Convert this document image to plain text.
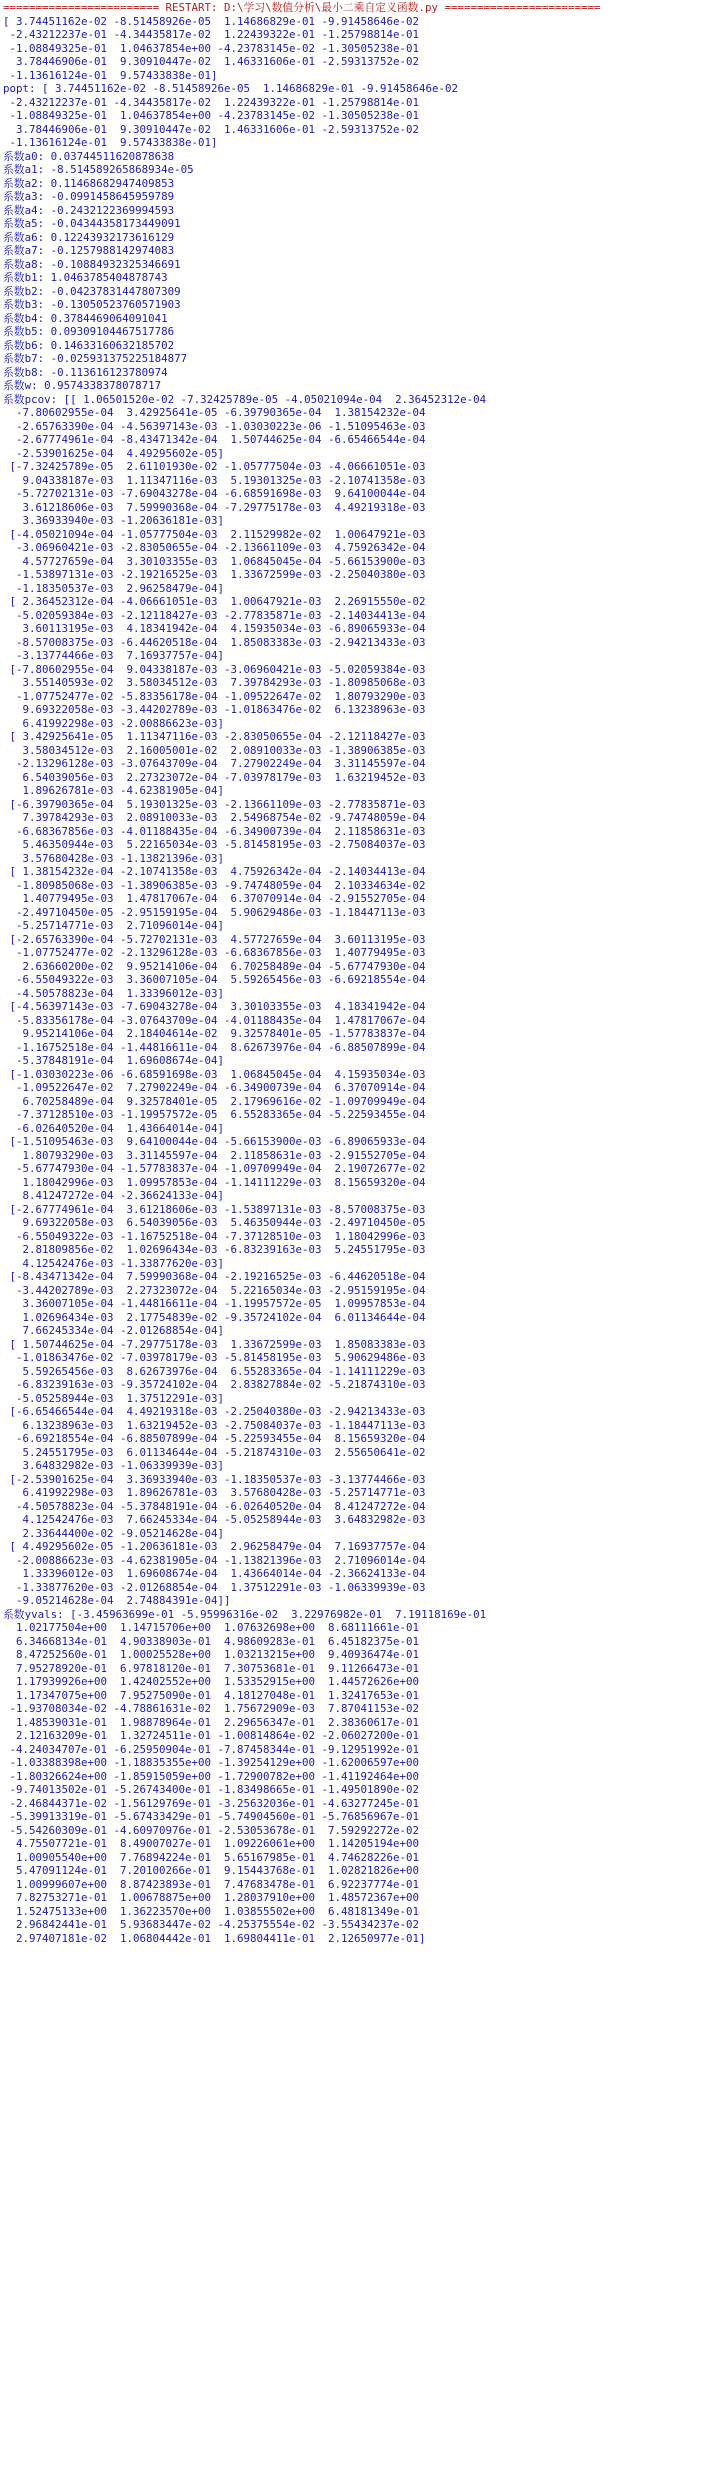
======================== RESTART: D:\学习\数值分析\最小二乘自定义函数.py ========================
[ 3.74451162e-02 -8.51458926e-05  1.14686829e-01 -9.91458646e-02
-2.43212237e-01 -4.34435817e-02  1.22439322e-01 -1.25798814e-01
-1.08849325e-01  1.04637854e+00 -4.23783145e-02 -1.30505238e-01
3.78446906e-01  9.30910447e-02  1.46331606e-01 -2.59313752e-02
-1.13616124e-01  9.57433838e-01]
popt: [ 3.74451162e-02 -8.51458926e-05  1.14686829e-01 -9.91458646e-02
-2.43212237e-01 -4.34435817e-02  1.22439322e-01 -1.25798814e-01
-1.08849325e-01  1.04637854e+00 -4.23783145e-02 -1.30505238e-01
3.78446906e-01  9.30910447e-02  1.46331606e-01 -2.59313752e-02
-1.13616124e-01  9.57433838e-01]
系数a0: 0.03744511620878638
系数a1: -8.514589265868934e-05
系数a2: 0.11468682947409853
系数a3: -0.0991458645959789
系数a4: -0.2432122369994593
系数a5: -0.04344358173449091
系数a6: 0.12243932173616129
系数a7: -0.1257988142974083
系数a8: -0.10884932325346691
系数b1: 1.0463785404878743
系数b2: -0.04237831447807309
系数b3: -0.13050523760571903
系数b4: 0.3784469064091041
系数b5: 0.09309104467517786
系数b6: 0.14633160632185702
系数b7: -0.025931375225184877
系数b8: -0.113616123780974
系数w: 0.9574338378078717
系数pcov: [[ 1.06501520e-02 -7.32425789e-05 -4.05021094e-04  2.36452312e-04
-7.80602955e-04  3.42925641e-05 -6.39790365e-04  1.38154232e-04
-2.65763390e-04 -4.56397143e-03 -1.03030223e-06 -1.51095463e-03
-2.67774961e-04 -8.43471342e-04  1.50744625e-04 -6.65466544e-04
-2.53901625e-04  4.49295602e-05]
[-7.32425789e-05  2.61101930e-02 -1.05777504e-03 -4.06661051e-03
9.04338187e-03  1.11347116e-03  5.19301325e-03 -2.10741358e-03
-5.72702131e-03 -7.69043278e-04 -6.68591698e-03  9.64100044e-04
3.61218606e-03  7.59990368e-04 -7.29775178e-03  4.49219318e-03
3.36933940e-03 -1.20636181e-03]
[-4.05021094e-04 -1.05777504e-03  2.11529982e-02  1.00647921e-03
-3.06960421e-03 -2.83050655e-04 -2.13661109e-03  4.75926342e-04
4.57727659e-04  3.30103355e-03  1.06845045e-04 -5.66153900e-03
-1.53897131e-03 -2.19216525e-03  1.33672599e-03 -2.25040380e-03
-1.18350537e-03  2.96258479e-04]
[ 2.36452312e-04 -4.06661051e-03  1.00647921e-03  2.26915550e-02
-5.02059384e-03 -2.12118427e-03 -2.77835871e-03 -2.14034413e-04
3.60113195e-03  4.18341942e-04  4.15935034e-03 -6.89065933e-04
-8.57008375e-03 -6.44620518e-04  1.85083383e-03 -2.94213433e-03
-3.13774466e-03  7.16937757e-04]
[-7.80602955e-04  9.04338187e-03 -3.06960421e-03 -5.02059384e-03
3.55140593e-02  3.58034512e-03  7.39784293e-03 -1.80985068e-03
-1.07752477e-02 -5.83356178e-04 -1.09522647e-02  1.80793290e-03
9.69322058e-03 -3.44202789e-03 -1.01863476e-02  6.13238963e-03
6.41992298e-03 -2.00886623e-03]
[ 3.42925641e-05  1.11347116e-03 -2.83050655e-04 -2.12118427e-03
3.58034512e-03  2.16005001e-02  2.08910033e-03 -1.38906385e-03
-2.13296128e-03 -3.07643709e-04  7.27902249e-04  3.31145597e-04
6.54039056e-03  2.27323072e-04 -7.03978179e-03  1.63219452e-03
1.89626781e-03 -4.62381905e-04]
[-6.39790365e-04  5.19301325e-03 -2.13661109e-03 -2.77835871e-03
7.39784293e-03  2.08910033e-03  2.54968754e-02 -9.74748059e-04
-6.68367856e-03 -4.01188435e-04 -6.34900739e-04  2.11858631e-03
5.46350944e-03  5.22165034e-03 -5.81458195e-03 -2.75084037e-03
3.57680428e-03 -1.13821396e-03]
[ 1.38154232e-04 -2.10741358e-03  4.75926342e-04 -2.14034413e-04
-1.80985068e-03 -1.38906385e-03 -9.74748059e-04  2.10334634e-02
1.40779495e-03  1.47817067e-04  6.37070914e-04 -2.91552705e-04
-2.49710450e-05 -2.95159195e-04  5.90629486e-03 -1.18447113e-03
-5.25714771e-03  2.71096014e-04]
[-2.65763390e-04 -5.72702131e-03  4.57727659e-04  3.60113195e-03
-1.07752477e-02 -2.13296128e-03 -6.68367856e-03  1.40779495e-03
2.63660200e-02  9.95214106e-04  6.70258489e-04 -5.67747930e-04
-6.55049322e-03  3.36007105e-04  5.59265456e-03 -6.69218554e-04
-4.50578823e-04  1.33396012e-03]
[-4.56397143e-03 -7.69043278e-04  3.30103355e-03  4.18341942e-04
-5.83356178e-04 -3.07643709e-04 -4.01188435e-04  1.47817067e-04
9.95214106e-04  2.18404614e-02  9.32578401e-05 -1.57783837e-04
-1.16752518e-04 -1.44816611e-04  8.62673976e-04 -6.88507899e-04
-5.37848191e-04  1.69608674e-04]
[-1.03030223e-06 -6.68591698e-03  1.06845045e-04  4.15935034e-03
-1.09522647e-02  7.27902249e-04 -6.34900739e-04  6.37070914e-04
6.70258489e-04  9.32578401e-05  2.17969616e-02 -1.09709949e-04
-7.37128510e-03 -1.19957572e-05  6.55283365e-04 -5.22593455e-04
-6.02640520e-04  1.43664014e-04]
[-1.51095463e-03  9.64100044e-04 -5.66153900e-03 -6.89065933e-04
1.80793290e-03  3.31145597e-04  2.11858631e-03 -2.91552705e-04
-5.67747930e-04 -1.57783837e-04 -1.09709949e-04  2.19072677e-02
1.18042996e-03  1.09957853e-04 -1.14111229e-03  8.15659320e-04
8.41247272e-04 -2.36624133e-04]
[-2.67774961e-04  3.61218606e-03 -1.53897131e-03 -8.57008375e-03
9.69322058e-03  6.54039056e-03  5.46350944e-03 -2.49710450e-05
-6.55049322e-03 -1.16752518e-04 -7.37128510e-03  1.18042996e-03
2.81809856e-02  1.02696434e-03 -6.83239163e-03  5.24551795e-03
4.12542476e-03 -1.33877620e-03]
[-8.43471342e-04  7.59990368e-04 -2.19216525e-03 -6.44620518e-04
-3.44202789e-03  2.27323072e-04  5.22165034e-03 -2.95159195e-04
3.36007105e-04 -1.44816611e-04 -1.19957572e-05  1.09957853e-04
1.02696434e-03  2.17754839e-02 -9.35724102e-04  6.01134644e-04
7.66245334e-04 -2.01268854e-04]
[ 1.50744625e-04 -7.29775178e-03  1.33672599e-03  1.85083383e-03
-1.01863476e-02 -7.03978179e-03 -5.81458195e-03  5.90629486e-03
5.59265456e-03  8.62673976e-04  6.55283365e-04 -1.14111229e-03
-6.83239163e-03 -9.35724102e-04  2.83827884e-02 -5.21874310e-03
-5.05258944e-03  1.37512291e-03]
[-6.65466544e-04  4.49219318e-03 -2.25040380e-03 -2.94213433e-03
6.13238963e-03  1.63219452e-03 -2.75084037e-03 -1.18447113e-03
-6.69218554e-04 -6.88507899e-04 -5.22593455e-04  8.15659320e-04
5.24551795e-03  6.01134644e-04 -5.21874310e-03  2.55650641e-02
3.64832982e-03 -1.06339939e-03]
[-2.53901625e-04  3.36933940e-03 -1.18350537e-03 -3.13774466e-03
6.41992298e-03  1.89626781e-03  3.57680428e-03 -5.25714771e-03
-4.50578823e-04 -5.37848191e-04 -6.02640520e-04  8.41247272e-04
4.12542476e-03  7.66245334e-04 -5.05258944e-03  3.64832982e-03
2.33644400e-02 -9.05214628e-04]
[ 4.49295602e-05 -1.20636181e-03  2.96258479e-04  7.16937757e-04
-2.00886623e-03 -4.62381905e-04 -1.13821396e-03  2.71096014e-04
1.33396012e-03  1.69608674e-04  1.43664014e-04 -2.36624133e-04
-1.33877620e-03 -2.01268854e-04  1.37512291e-03 -1.06339939e-03
-9.05214628e-04  2.74884391e-04]]
系数yvals: [-3.45963699e-01 -5.95996316e-02  3.22976982e-01  7.19118169e-01
1.02177504e+00  1.14715706e+00  1.07632698e+00  8.68111661e-01
6.34668134e-01  4.90338903e-01  4.98609283e-01  6.45182375e-01
8.47252560e-01  1.00025528e+00  1.03213215e+00  9.40936474e-01
7.95278920e-01  6.97818120e-01  7.30753681e-01  9.11266473e-01
1.17939926e+00  1.42402552e+00  1.53352915e+00  1.44572626e+00
1.17347075e+00  7.95275090e-01  4.18127048e-01  1.32417653e-01
-1.93708034e-02 -4.78861631e-02  1.75672909e-03  7.87041153e-02
1.48539031e-01  1.98878964e-01  2.29656347e-01  2.38360617e-01
2.12163209e-01  1.32724511e-01 -1.00814864e-02 -2.06027200e-01
-4.24034707e-01 -6.25950904e-01 -7.87458344e-01 -9.12951992e-01
-1.03388398e+00 -1.18835355e+00 -1.39254129e+00 -1.62006597e+00
-1.80326624e+00 -1.85915059e+00 -1.72900782e+00 -1.41192464e+00
-9.74013502e-01 -5.26743400e-01 -1.83498665e-01 -1.49501890e-02
-2.46844371e-02 -1.56129769e-01 -3.25632036e-01 -4.63277245e-01
-5.39913319e-01 -5.67433429e-01 -5.74904560e-01 -5.76856967e-01
-5.54260309e-01 -4.60970976e-01 -2.53053678e-01  7.59292272e-02
4.75507721e-01  8.49007027e-01  1.09226061e+00  1.14205194e+00
1.00905540e+00  7.76894224e-01  5.65167985e-01  4.74628226e-01
5.47091124e-01  7.20100266e-01  9.15443768e-01  1.02821826e+00
1.00999607e+00  8.87423893e-01  7.47683478e-01  6.92237774e-01
7.82753271e-01  1.00678875e+00  1.28037910e+00  1.48572367e+00
1.52475133e+00  1.36223570e+00  1.03855502e+00  6.48181349e-01
2.96842441e-01  5.93683447e-02 -4.25375554e-02 -3.55434237e-02
2.97407181e-02  1.06804442e-01  1.69804411e-01  2.12650977e-01]
